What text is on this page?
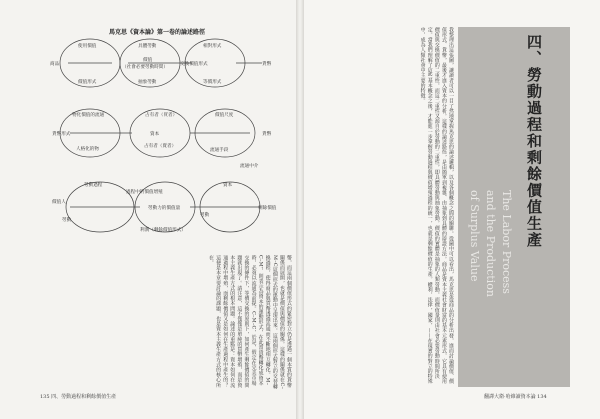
馬克思《資本論》第一卷的論述路徑
使用價值	具體勞動	相對形式
商品
價值
（社會必要勞動時間）
交換價值形式	貨幣
價值形式	抽象勞動	等價形式
物化價值的流通	占有者（買者）	價值尺度
貨幣形式
占有者（賣者）
流通手段
貨幣
人格化的物
流通中介
資本
勞動過程	資本
價值人
勞動力的價值量
勞動
剩餘價值
利潤（剩餘價值形式）
過程中的價值增殖
勞動
幣，而這兩個價值形式的緊密對立仍是透過一個本質的貨幣關係而展開，也就是價值與價值的關係。這樣的關係就在C–M–C這個形式的運動中呈現出來，這兩個形式對立的交替轉換過程，使得商品與貨幣透過流通而不斷地相互轉化。M–C–M'，則表示為資本的運動形式，在此當貨幣轉化成資本時，必須以流通為前提。C–M–C，於是，假定在完美市場交換的條件下，等價交換的原則下，如何產生剩餘價值的問題就出現了。請注意，這不僅僅是單純的貨幣增殖，而是資本主義生產方式的根本問題。論述的重點是：資本如何在流通過程中增殖，而剩餘價值又是如何在生產過程中產生的？這便是本章要討論的課題，也是資本主義生產方式的核心所在。	我整理出這張圖，讓讀者可以一目了然地掌握馬克思的論述邏輯，以及各個概念之間的關聯。從圖中可以看出，馬克思是從商品的分析出發，進而討論價值、價值形式、貨幣，最後才進入資本的分析。這樣的論述路徑，是由簡單到複雜、由抽象到具體的辯證方法。商品是資本主義社會財富的基本元素形式，它具有使用價值與交換價值的二重性，而這二重性又源自於勞動的二重性，即具體勞動與抽象勞動。價值的實體是抽象的人類勞動，而價值量則由社會必要勞動時間所決定。當我們理解了這些基本概念之後，才能進一步掌握勞動過程與價值增殖過程的統一，也就是剩餘價值的生產。權利，法律，國家，——在現實的對立的特殊中，成為人類社會中主要的特徵。
135 四、勞動過程和剩餘價值生產	翻譯大衛·哈維讀資本論 134
四、勞動過程和剩餘價值生產
The Labor Process
and the Production
of Surplus Value
